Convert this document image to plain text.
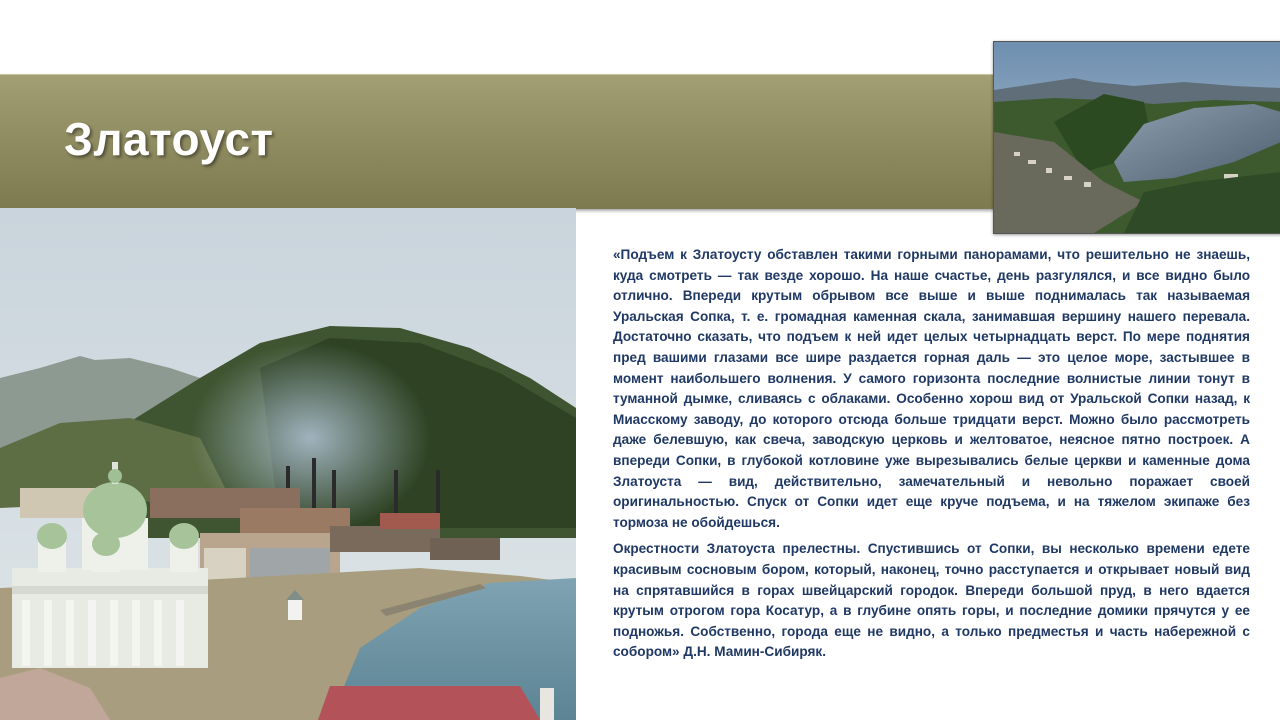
Златоуст

«Подъем к Златоусту обставлен такими горными панорамами, что решительно не знаешь, куда смотреть — так везде хорошо. На наше счастье, день разгулялся, и все видно было отлично. Впереди крутым обрывом все выше и выше поднималась так называемая Уральская Сопка, т. е. громадная каменная скала, занимавшая вершину нашего перевала. Достаточно сказать, что подъем к ней идет целых четырнадцать верст. По мере поднятия пред вашими глазами все шире раздается горная даль — это целое море, застывшее в момент наибольшего волнения. У самого горизонта последние волнистые линии тонут в туманной дымке, сливаясь с облаками. Особенно хорош вид от Уральской Сопки назад, к Миасскому заводу, до которого отсюда больше тридцати верст. Можно было рассмотреть даже белевшую, как свеча, заводскую церковь и желтоватое, неясное пятно построек. А впереди Сопки, в глубокой котловине уже вырезывались белые церкви и каменные дома Златоуста — вид, действительно, замечательный и невольно поражает своей оригинальностью. Спуск от Сопки идет еще круче подъема, и на тяжелом экипаже без тормоза не обойдешься.

Окрестности Златоуста прелестны. Спустившись от Сопки, вы несколько времени едете красивым сосновым бором, который, наконец, точно расступается и открывает новый вид на спрятавшийся в горах швейцарский городок. Впереди большой пруд, в него вдается крутым отрогом гора Косатур, а в глубине опять горы, и последние домики прячутся у ее подножья. Собственно, города еще не видно, а только предместья и часть набережной с собором» Д.Н. Мамин-Сибиряк.
